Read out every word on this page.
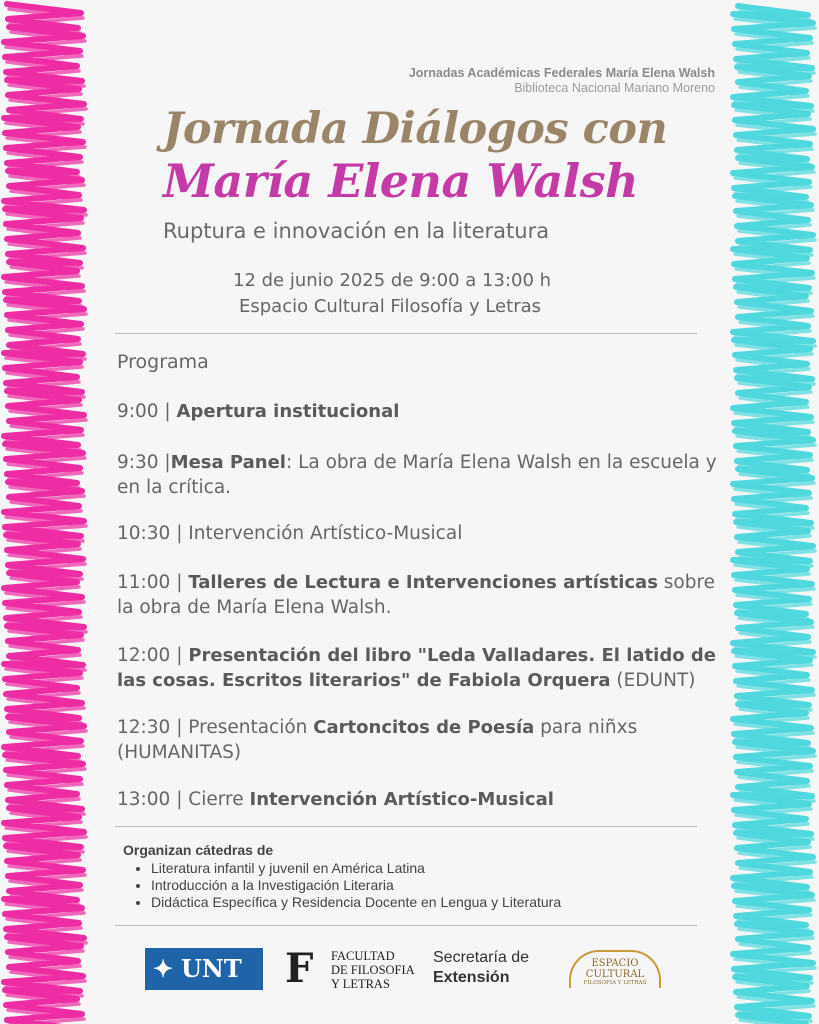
Jornadas Académicas Federales María Elena Walsh
Biblioteca Nacional Mariano Moreno
Jornada Diálogos con
María Elena Walsh
Ruptura e innovación en la literatura
12 de junio 2025 de 9:00 a 13:00 h
Espacio Cultural Filosofía y Letras
Programa
9:00 | Apertura institucional
9:30 |Mesa Panel: La obra de María Elena Walsh en la escuela y en la crítica.
10:30 | Intervención Artístico-Musical
11:00 | Talleres de Lectura e Intervenciones artísticas sobre la obra de María Elena Walsh.
12:00 | Presentación del libro "Leda Valladares. El latido de las cosas. Escritos literarios" de Fabiola Orquera (EDUNT)
12:30 | Presentación Cartoncitos de Poesía para niñxs (HUMANITAS)
13:00 | Cierre Intervención Artístico-Musical
Organizan cátedras de
• Literatura infantil y juvenil en América Latina
• Introducción a la Investigación Literaria
• Didáctica Específica y Residencia Docente en Lengua y Literatura
✦ UNT F FACULTAD
DE FILOSOFIA
Y LETRAS
Secretaría de
Extensión
ESPACIO CULTURAL
FILOSOFIA Y LETRAS
